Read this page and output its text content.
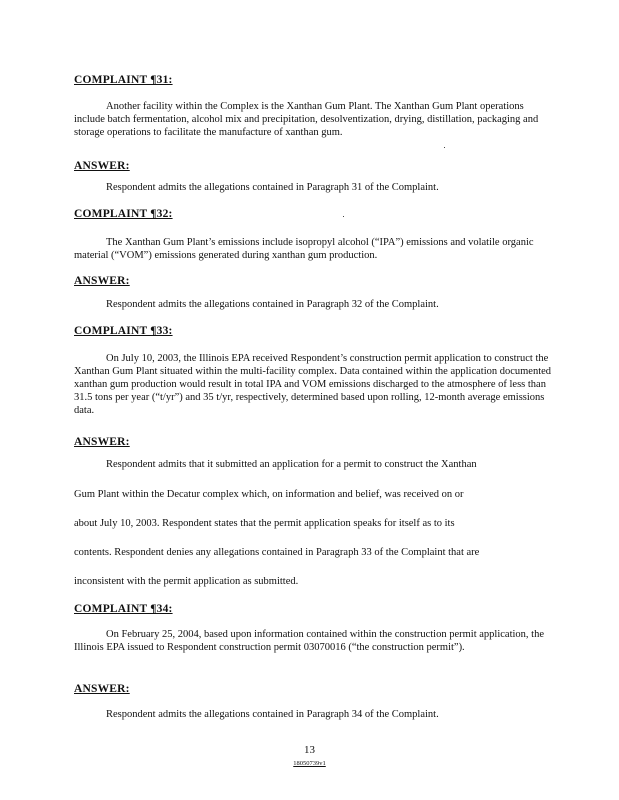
COMPLAINT ¶31:

Another facility within the Complex is the Xanthan Gum Plant. The Xanthan Gum Plant operations include batch fermentation, alcohol mix and precipitation, desolventization, drying, distillation, packaging and storage operations to facilitate the manufacture of xanthan gum.

ANSWER:

Respondent admits the allegations contained in Paragraph 31 of the Complaint.

COMPLAINT ¶32:

The Xanthan Gum Plant’s emissions include isopropyl alcohol (“IPA”) emissions and volatile organic material (“VOM”) emissions generated during xanthan gum production.

ANSWER:

Respondent admits the allegations contained in Paragraph 32 of the Complaint.

COMPLAINT ¶33:

On July 10, 2003, the Illinois EPA received Respondent’s construction permit application to construct the Xanthan Gum Plant situated within the multi-facility complex. Data contained within the application documented xanthan gum production would result in total IPA and VOM emissions discharged to the atmosphere of less than 31.5 tons per year (“t/yr”) and 35 t/yr, respectively, determined based upon rolling, 12-month average emissions data.

ANSWER:
Respondent admits that it submitted an application for a permit to construct the Xanthan
Gum Plant within the Decatur complex which, on information and belief, was received on or
about July 10, 2003. Respondent states that the permit application speaks for itself as to its
contents. Respondent denies any allegations contained in Paragraph 33 of the Complaint that are
inconsistent with the permit application as submitted.
COMPLAINT ¶34:

On February 25, 2004, based upon information contained within the construction permit application, the Illinois EPA issued to Respondent construction permit 03070016 (“the construction permit”).

ANSWER:

Respondent admits the allegations contained in Paragraph 34 of the Complaint.

13
180​50739v1
